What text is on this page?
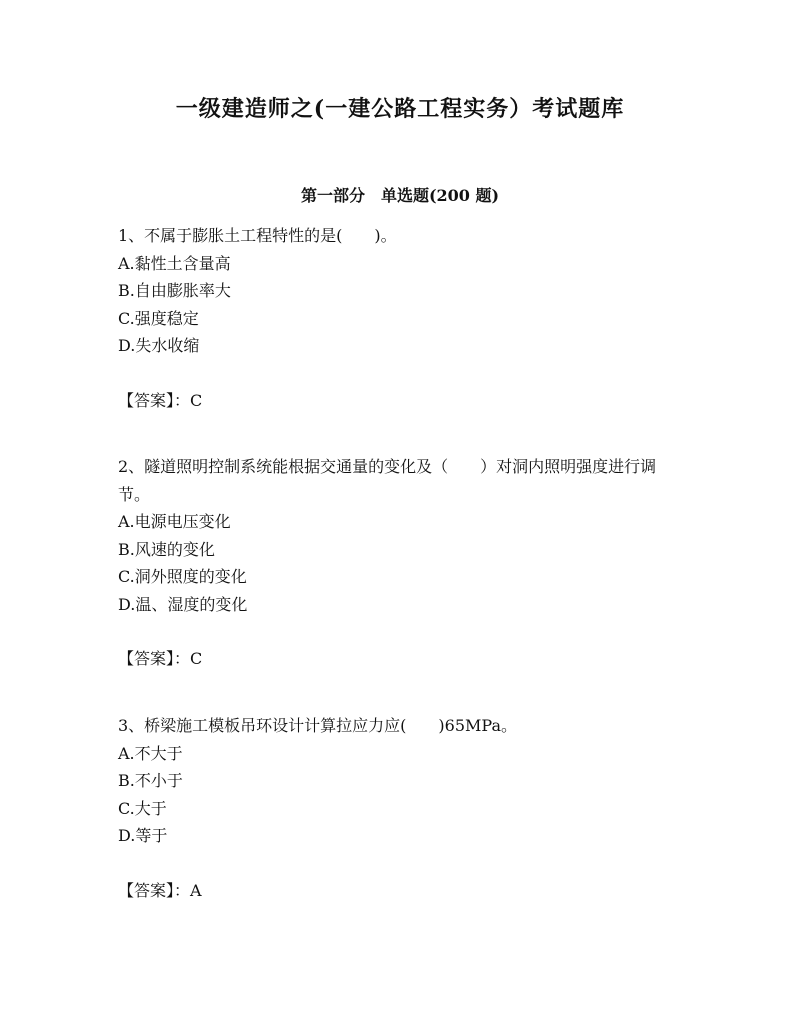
一级建造师之(一建公路工程实务）考试题库
第一部分　单选题(200 题)
1、不属于膨胀土工程特性的是(　　)。
A.黏性土含量高
B.自由膨胀率大
C.强度稳定
D.失水收缩
【答案】：C
2、隧道照明控制系统能根据交通量的变化及（　　）对洞内照明强度进行调节。
A.电源电压变化
B.风速的变化
C.洞外照度的变化
D.温、湿度的变化
【答案】：C
3、桥梁施工模板吊环设计计算拉应力应(　　)65MPa。
A.不大于
B.不小于
C.大于
D.等于
【答案】：A
